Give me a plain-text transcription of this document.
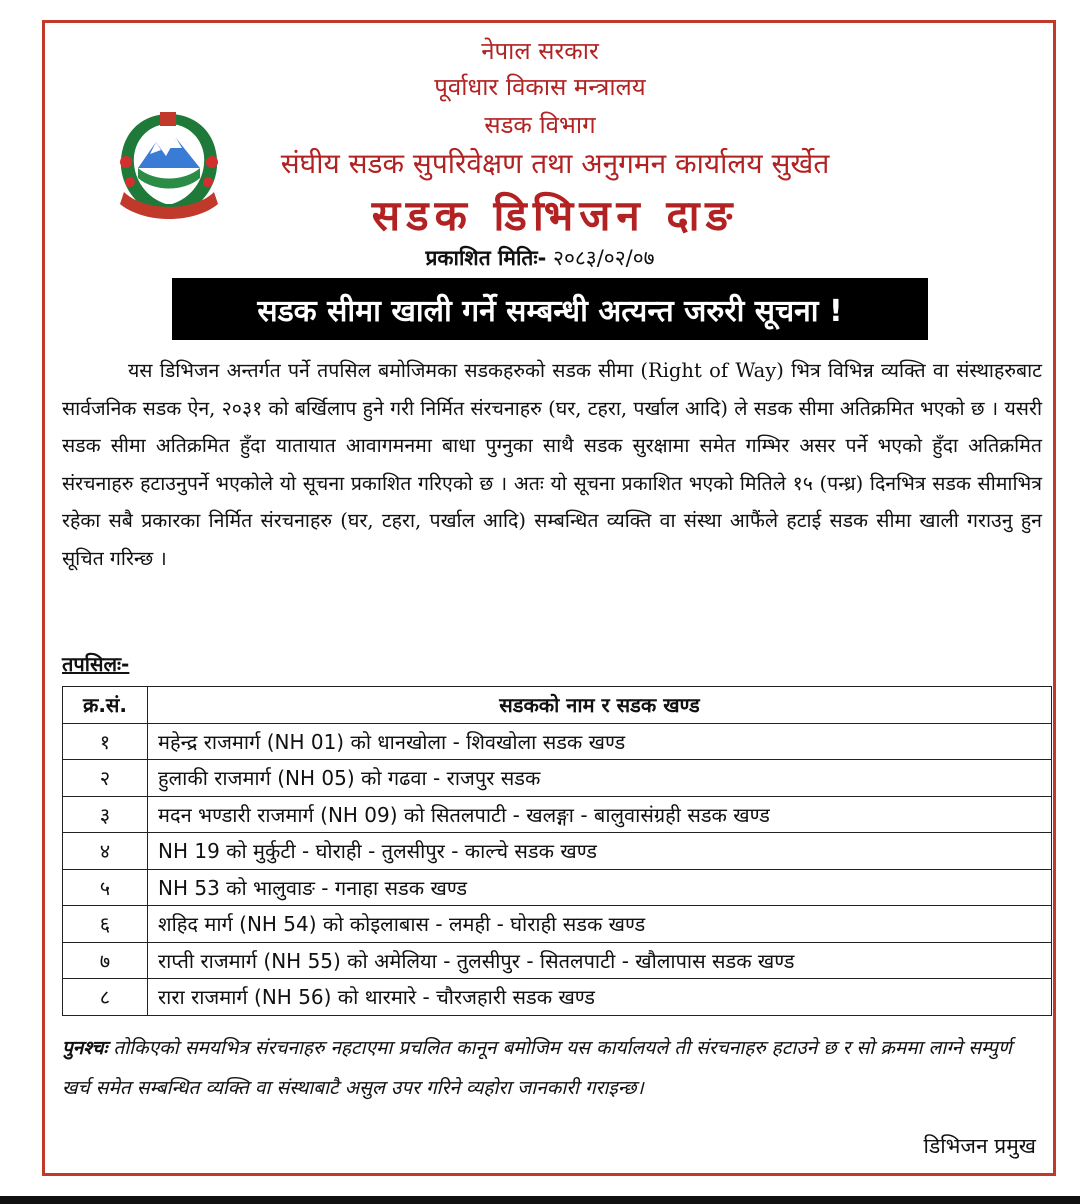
नेपाल सरकार
पूर्वाधार विकास मन्त्रालय
सडक विभाग
संघीय सडक सुपरिवेक्षण तथा अनुगमन कार्यालय सुर्खेत
सडक डिभिजन दाङ
प्रकाशित मितिः- २०८३/०२/०७
सडक सीमा खाली गर्ने सम्बन्धी अत्यन्त जरुरी सूचना !

यस डिभिजन अन्तर्गत पर्ने तपसिल बमोजिमका सडकहरुको सडक सीमा (Right of Way) भित्र विभिन्न व्यक्ति वा संस्थाहरुबाट सार्वजनिक सडक ऐन, २०३१ को बर्खिलाप हुने गरी निर्मित संरचनाहरु (घर, टहरा, पर्खाल आदि) ले सडक सीमा अतिक्रमित भएको छ । यसरी सडक सीमा अतिक्रमित हुँदा यातायात आवागमनमा बाधा पुग्नुका साथै सडक सुरक्षामा समेत गम्भिर असर पर्ने भएको हुँदा अतिक्रमित संरचनाहरु हटाउनुपर्ने भएकोले यो सूचना प्रकाशित गरिएको छ । अतः यो सूचना प्रकाशित भएको मितिले १५ (पन्ध्र) दिनभित्र सडक सीमाभित्र रहेका सबै प्रकारका निर्मित संरचनाहरु (घर, टहरा, पर्खाल आदि) सम्बन्धित व्यक्ति वा संस्था आफैंले हटाई सडक सीमा खाली गराउनु हुन सूचित गरिन्छ ।

तपसिलः-
क्र.सं.	सडकको नाम र सडक खण्ड
१	महेन्द्र राजमार्ग (NH 01) को धानखोला - शिवखोला सडक खण्ड
२	हुलाकी राजमार्ग (NH 05) को गढवा - राजपुर सडक
३	मदन भण्डारी राजमार्ग (NH 09) को सितलपाटी - खलङ्गा - बालुवासंग्रही सडक खण्ड
४	NH 19 को मुर्कुटी - घोराही - तुलसीपुर - काल्चे सडक खण्ड
५	NH 53 को भालुवाङ - गनाहा सडक खण्ड
६	शहिद मार्ग (NH 54) को कोइलाबास - लमही - घोराही सडक खण्ड
७	राप्ती राजमार्ग (NH 55) को अमेलिया - तुलसीपुर - सितलपाटी - खौलापास सडक खण्ड
८	रारा राजमार्ग (NH 56) को थारमारे - चौरजहारी सडक खण्ड
पुनश्चः तोकिएको समयभित्र संरचनाहरु नहटाएमा प्रचलित कानून बमोजिम यस कार्यालयले ती संरचनाहरु हटाउने छ र सो क्रममा लाग्ने सम्पुर्ण खर्च समेत सम्बन्धित व्यक्ति वा संस्थाबाटै असुल उपर गरिने व्यहोरा जानकारी गराइन्छ।
डिभिजन प्रमुख
